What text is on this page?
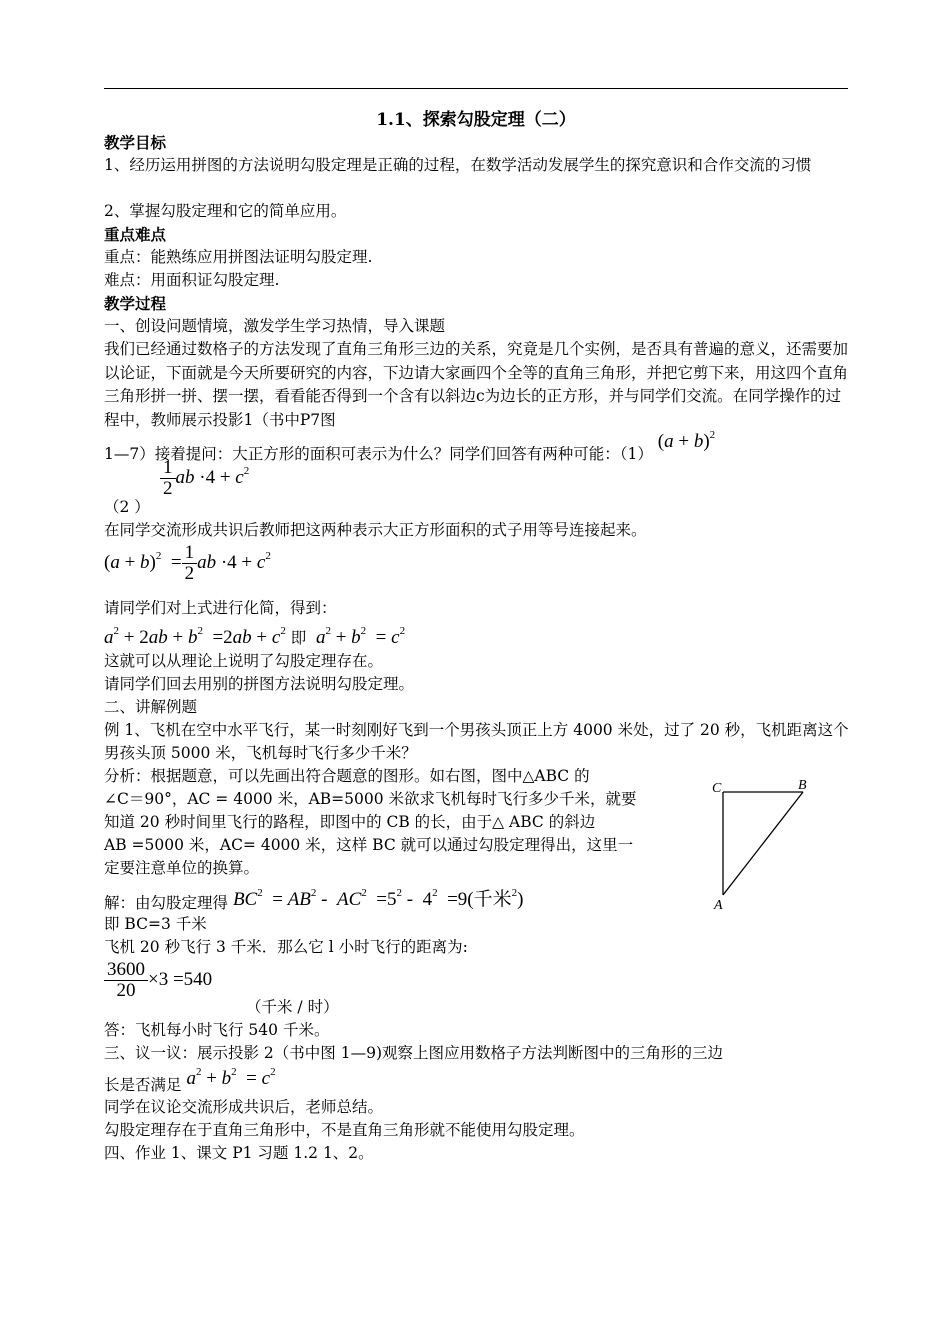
1.1、探索勾股定理（二）
教学目标
1、经历运用拼图的方法说明勾股定理是正确的过程，在数学活动发展学生的探究意识和合作交流的习惯
2、掌握勾股定理和它的简单应用。
重点难点
重点：能熟练应用拼图法证明勾股定理.
难点：用面积证勾股定理.
教学过程
一、创设问题情境，激发学生学习热情，导入课题
我们已经通过数格子的方法发现了直角三角形三边的关系，究竟是几个实例，是否具有普遍的意义，还需要加以论证，下面就是今天所要研究的内容，下边请大家画四个全等的直角三角形，并把它剪下来，用这四个直角三角形拼一拼、摆一摆，看看能否得到一个含有以斜边c为边长的正方形，并与同学们交流。在同学操作的过程中，教师展示投影1（书中P7图
1—7）接着提问：大正方形的面积可表示为什么？同学们回答有两种可能：（1） $(a + b)^2$
$\frac{1}{2}$ ab $\cdot 4 + c^2$
（2 ）
在同学交流形成共识后教师把这两种表示大正方形面积的式子用等号连接起来。
$(a + b)^2 = \frac{1}{2}$ ab $\cdot 4 + c^2$
请同学们对上式进行化简，得到：
$a^2 + 2ab + b^2 =2ab + c^2$ 即 $a^2 + b^2 = c^2$
这就可以从理论上说明了勾股定理存在。
请同学们回去用别的拼图方法说明勾股定理。
二、讲解例题
例 1、飞机在空中水平飞行，某一时刻刚好飞到一个男孩头顶正上方 4000 米处，过了 20 秒，飞机距离这个男孩头顶 5000 米，飞机每时飞行多少千米？
分析：根据题意，可以先画出符合题意的图形。如右图，图中△ABC 的
∠C＝90°，AC = 4000 米，AB=5000 米欲求飞机每时飞行多少千米，就要
知道 20 秒时间里飞行的路程，即图中的 CB 的长，由于△ ABC 的斜边
AB =5000 米，AC= 4000 米，这样 BC 就可以通过勾股定理得出，这里一
定要注意单位的换算。
C	B
A
解：由勾股定理得 $BC^2 = AB^2 - AC^2 =5^2 - 4^2 =9$(千米$^2$)
即 BC=3 千米
飞机 20 秒飞行 3 千米．那么它 l 小时飞行的距离为:
$\frac{3600}{20} \times 3 =540$
（千米 / 时）
答：飞机每小时飞行 540 千米。
三、议一议：展示投影 2（书中图 1—9)观察上图应用数格子方法判断图中的三角形的三边
长是否满足 $a^2 + b^2 = c^2$
同学在议论交流形成共识后，老师总结。
勾股定理存在于直角三角形中，不是直角三角形就不能使用勾股定理。
四、作业 1、课文 P1 习题 1.2 1、2。
